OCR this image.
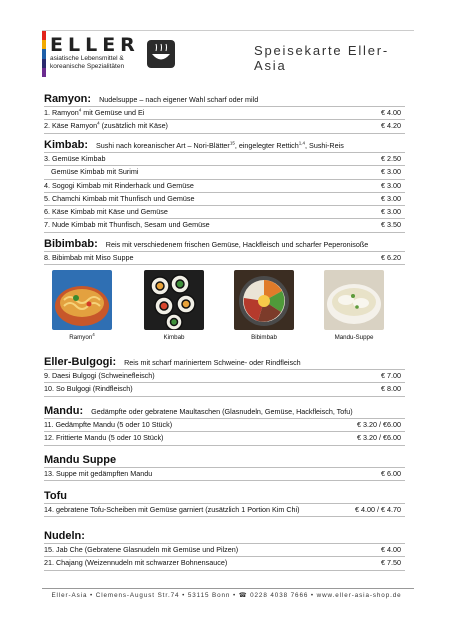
ELLER
asiatische Lebensmittel &
koreanische Spezialitäten
Speisekarte Eller-Asia
Ramyon: Nudelsuppe – nach eigener Wahl scharf oder mild
1. Ramyon$^4$ mit Gemüse und Ei	€ 4.00
2. Käse Ramyon$^4$ (zusätzlich mit Käse)	€ 4.20
Kimbab: Sushi nach koreanischer Art – Nori-Blätter$^{15}$, eingelegter Rettich$^{1,4}$, Sushi-Reis
3. Gemüse Kimbab	€ 2.50
Gemüse Kimbab mit Surimi	€ 3.00
4. Sogogi Kimbab mit Rinderhack und Gemüse	€ 3.00
5. Chamchi Kimbab mit Thunfisch und Gemüse	€ 3.00
6. Käse Kimbab mit Käse und Gemüse	€ 3.00
7. Nude Kimbab mit Thunfisch, Sesam und Gemüse	€ 3.50
Bibimbab: Reis mit verschiedenem frischen Gemüse, Hackfleisch und scharfer Peperonisoße
8. Bibimbab mit Miso Suppe	€ 6.20
Ramyon$^4$	Kimbab	Bibimbab	Mandu-Suppe
Eller-Bulgogi: Reis mit scharf mariniertem Schweine- oder Rindfleisch
9. Daesi Bulgogi (Schweinefleisch)	€ 7.00
10. So Bulgogi (Rindfleisch)	€ 8.00
Mandu: Gedämpfte oder gebratene Maultaschen (Glasnudeln, Gemüse, Hackfleisch, Tofu)
11. Gedämpfte Mandu (5 oder 10 Stück)	€ 3.20 / €6.00
12. Frittierte Mandu (5 oder 10 Stück)	€ 3.20 / €6.00
Mandu Suppe
13. Suppe mit gedämpften Mandu	€ 6.00
Tofu
14. gebratene Tofu-Scheiben mit Gemüse garniert (zusätzlich 1 Portion Kim Chi)	€ 4.00 / € 4.70
Nudeln:
15. Jab Che (Gebratene Glasnudeln mit Gemüse und Pilzen)	€ 4.00
21. Chajang (Weizennudeln mit schwarzer Bohnensauce)	€ 7.50
Eller-Asia • Clemens-August Str.74 • 53115 Bonn • ☎ 0228 4038 7666 • www.eller-asia-shop.de
